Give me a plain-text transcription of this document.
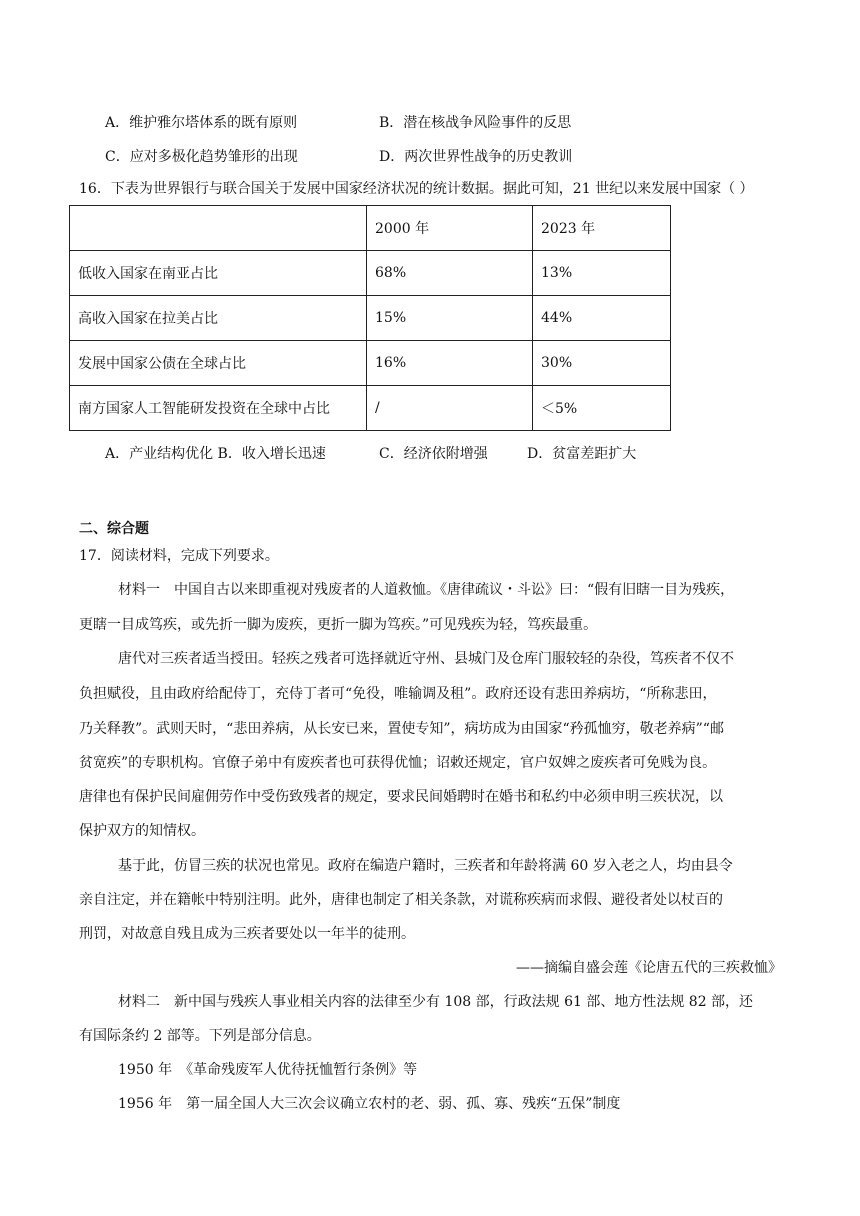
A．维护雅尔塔体系的既有原则	B．潜在核战争风险事件的反思
C．应对多极化趋势雏形的出现	D．两次世界性战争的历史教训
16．下表为世界银行与联合国关于发展中国家经济状况的统计数据。据此可知，21 世纪以来发展中国家（ ）
	2000 年	2023 年
低收入国家在南亚占比	68%	13%
高收入国家在拉美占比	15%	44%
发展中国家公债在全球占比	16%	30%
南方国家人工智能研发投资在全球中占比	/	＜5%
A．产业结构优化 B．收入增长迅速	C．经济依附增强	D．贫富差距扩大
二、综合题
17．阅读材料，完成下列要求。
材料一　中国自古以来即重视对残废者的人道救恤。《唐律疏议・斗讼》曰：“假有旧瞎一目为残疾，
更瞎一目成笃疾，或先折一脚为废疾，更折一脚为笃疾。”可见残疾为轻，笃疾最重。
唐代对三疾者适当授田。轻疾之残者可选择就近守州、县城门及仓库门服较轻的杂役，笃疾者不仅不
负担赋役，且由政府给配侍丁，充侍丁者可“免役，唯输调及租”。政府还设有悲田养病坊，“所称悲田，
乃关释教”。武则天时，“悲田养病，从长安已来，置使专知”，病坊成为由国家“矜孤恤穷，敬老养病”“邮
贫宽疾”的专职机构。官僚子弟中有废疾者也可获得优恤；诏敕还规定，官户奴婢之废疾者可免贱为良。
唐律也有保护民间雇佣劳作中受伤致残者的规定，要求民间婚聘时在婚书和私约中必须申明三疾状况，以
保护双方的知情权。
基于此，仿冒三疾的状况也常见。政府在编造户籍时，三疾者和年龄将满 60 岁入老之人，均由县令
亲自注定，并在籍帐中特别注明。此外，唐律也制定了相关条款，对谎称疾病而求假、避役者处以杖百的
刑罚，对故意自残且成为三疾者要处以一年半的徒刑。
——摘编自盛会莲《论唐五代的三疾救恤》
材料二　新中国与残疾人事业相关内容的法律至少有 108 部，行政法规 61 部、地方性法规 82 部，还
有国际条约 2 部等。下列是部分信息。
1950 年　《革命残废军人优待抚恤暂行条例》等
1956 年　第一届全国人大三次会议确立农村的老、弱、孤、寡、残疾“五保”制度
